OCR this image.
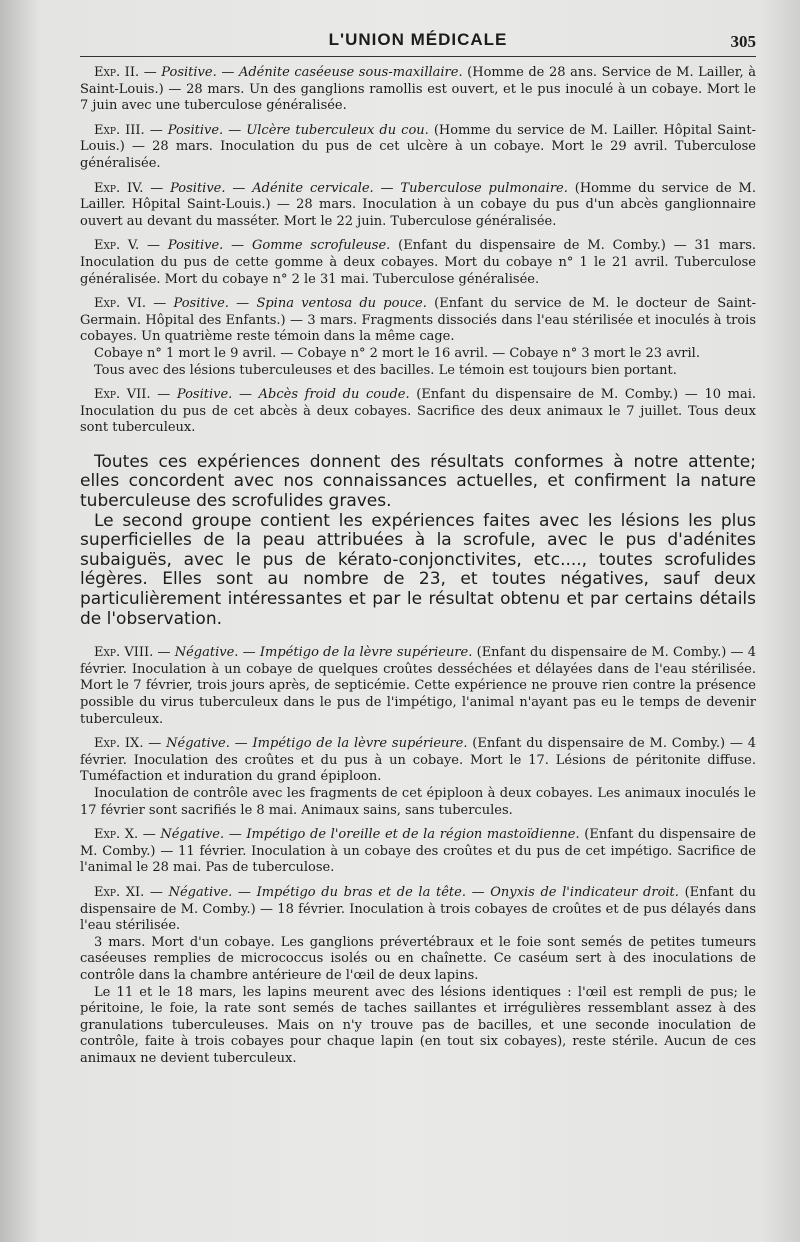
L'UNION MÉDICALE	305

Exp. II. — Positive. — Adénite caséeuse sous-maxillaire. (Homme de 28 ans. Service de M. Lailler, à Saint-Louis.) — 28 mars. Un des ganglions ramollis est ouvert, et le pus inoculé à un cobaye. Mort le 7 juin avec une tuberculose généralisée.

Exp. III. — Positive. — Ulcère tuberculeux du cou. (Homme du service de M. Lailler. Hôpital Saint-Louis.) — 28 mars. Inoculation du pus de cet ulcère à un cobaye. Mort le 29 avril. Tuberculose généralisée.

Exp. IV. — Positive. — Adénite cervicale. — Tuberculose pulmonaire. (Homme du service de M. Lailler. Hôpital Saint-Louis.) — 28 mars. Inoculation à un cobaye du pus d'un abcès ganglionnaire ouvert au devant du masséter. Mort le 22 juin. Tuberculose généralisée.

Exp. V. — Positive. — Gomme scrofuleuse. (Enfant du dispensaire de M. Comby.) — 31 mars. Inoculation du pus de cette gomme à deux cobayes. Mort du cobaye n° 1 le 21 avril. Tuberculose généralisée. Mort du cobaye n° 2 le 31 mai. Tuberculose généralisée.

Exp. VI. — Positive. — Spina ventosa du pouce. (Enfant du service de M. le docteur de Saint-Germain. Hôpital des Enfants.) — 3 mars. Fragments dissociés dans l'eau stérilisée et inoculés à trois cobayes. Un quatrième reste témoin dans la même cage.

Cobaye n° 1 mort le 9 avril. — Cobaye n° 2 mort le 16 avril. — Cobaye n° 3 mort le 23 avril.

Tous avec des lésions tuberculeuses et des bacilles. Le témoin est toujours bien portant.

Exp. VII. — Positive. — Abcès froid du coude. (Enfant du dispensaire de M. Comby.) — 10 mai. Inoculation du pus de cet abcès à deux cobayes. Sacrifice des deux animaux le 7 juillet. Tous deux sont tuberculeux.

Toutes ces expériences donnent des résultats conformes à notre attente; elles concordent avec nos connaissances actuelles, et confirment la nature tuberculeuse des scrofulides graves.

Le second groupe contient les expériences faites avec les lésions les plus superficielles de la peau attribuées à la scrofule, avec le pus d'adénites subaiguës, avec le pus de kérato-conjonctivites, etc...., toutes scrofulides légères. Elles sont au nombre de 23, et toutes négatives, sauf deux particulièrement intéressantes et par le résultat obtenu et par certains détails de l'observation.

Exp. VIII. — Négative. — Impétigo de la lèvre supérieure. (Enfant du dispensaire de M. Comby.) — 4 février. Inoculation à un cobaye de quelques croûtes desséchées et délayées dans de l'eau stérilisée. Mort le 7 février, trois jours après, de septicémie. Cette expérience ne prouve rien contre la présence possible du virus tuberculeux dans le pus de l'impétigo, l'animal n'ayant pas eu le temps de devenir tuberculeux.

Exp. IX. — Négative. — Impétigo de la lèvre supérieure. (Enfant du dispensaire de M. Comby.) — 4 février. Inoculation des croûtes et du pus à un cobaye. Mort le 17. Lésions de péritonite diffuse. Tuméfaction et induration du grand épiploon.

Inoculation de contrôle avec les fragments de cet épiploon à deux cobayes. Les animaux inoculés le 17 février sont sacrifiés le 8 mai. Animaux sains, sans tubercules.

Exp. X. — Négative. — Impétigo de l'oreille et de la région mastoïdienne. (Enfant du dispensaire de M. Comby.) — 11 février. Inoculation à un cobaye des croûtes et du pus de cet impétigo. Sacrifice de l'animal le 28 mai. Pas de tuberculose.

Exp. XI. — Négative. — Impétigo du bras et de la tête. — Onyxis de l'indicateur droit. (Enfant du dispensaire de M. Comby.) — 18 février. Inoculation à trois cobayes de croûtes et de pus délayés dans l'eau stérilisée.

3 mars. Mort d'un cobaye. Les ganglions prévertébraux et le foie sont semés de petites tumeurs caséeuses remplies de micrococcus isolés ou en chaînette. Ce caséum sert à des inoculations de contrôle dans la chambre antérieure de l'œil de deux lapins.

Le 11 et le 18 mars, les lapins meurent avec des lésions identiques : l'œil est rempli de pus; le péritoine, le foie, la rate sont semés de taches saillantes et irrégulières ressemblant assez à des granulations tuberculeuses. Mais on n'y trouve pas de bacilles, et une seconde inoculation de contrôle, faite à trois cobayes pour chaque lapin (en tout six cobayes), reste stérile. Aucun de ces animaux ne devient tuberculeux.
